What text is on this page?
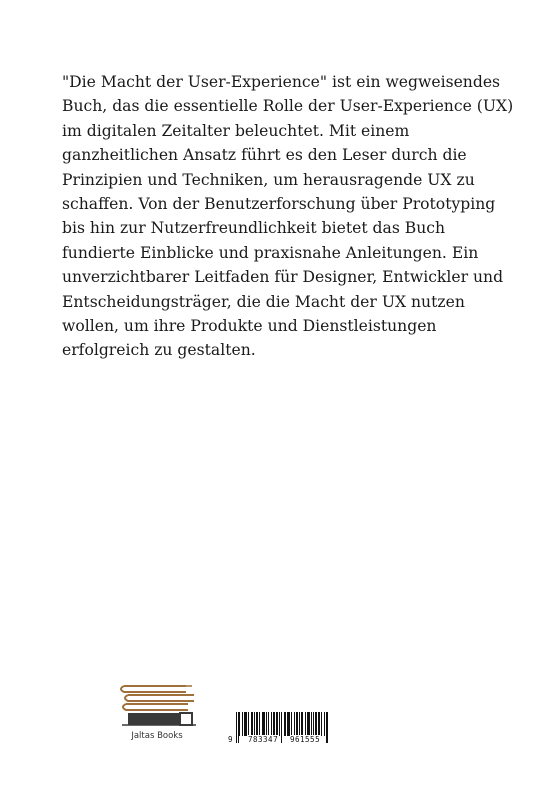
"Die Macht der User-Experience" ist ein wegweisendes
Buch, das die essentielle Rolle der User-Experience (UX)
im digitalen Zeitalter beleuchtet. Mit einem
ganzheitlichen Ansatz führt es den Leser durch die
Prinzipien und Techniken, um herausragende UX zu
schaffen. Von der Benutzerforschung über Prototyping
bis hin zur Nutzerfreundlichkeit bietet das Buch
fundierte Einblicke und praxisnahe Anleitungen. Ein
unverzichtbarer Leitfaden für Designer, Entwickler und
Entscheidungsträger, die die Macht der UX nutzen
wollen, um ihre Produkte und Dienstleistungen
erfolgreich zu gestalten.
Jaltas Books	9 783347 961555
